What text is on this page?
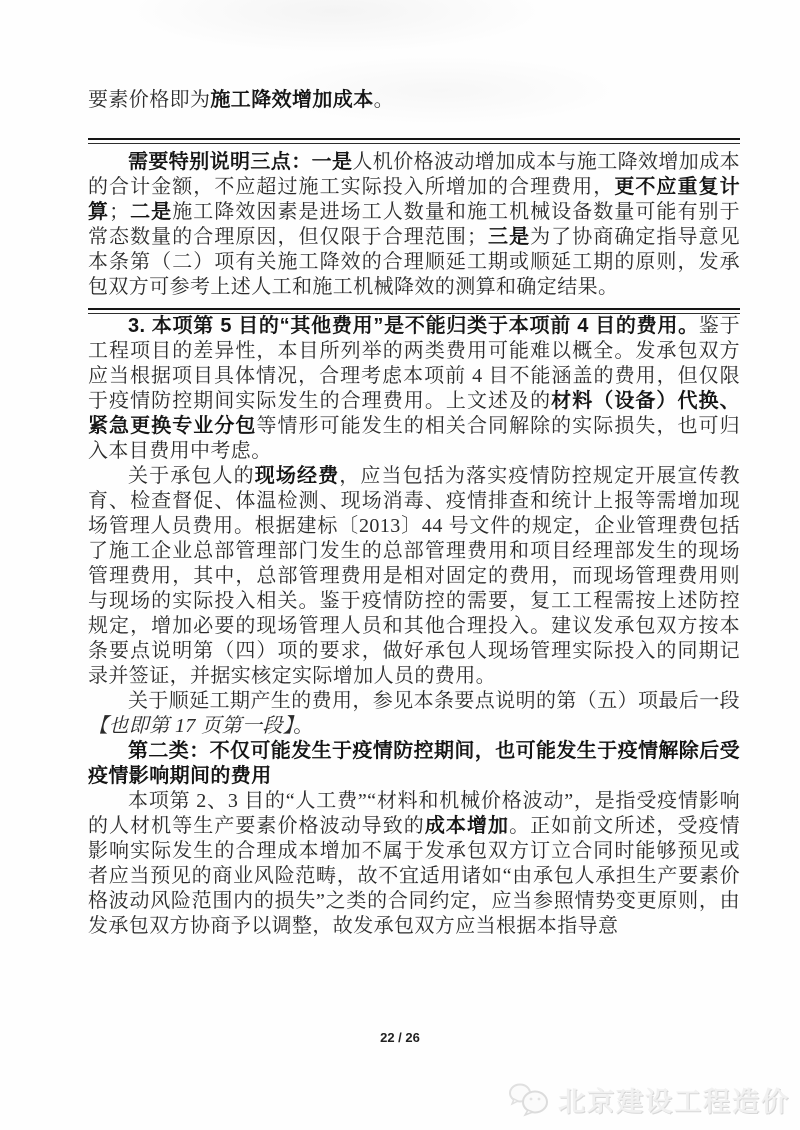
要素价格即为施工降效增加成本。

需要特别说明三点：一是人机价格波动增加成本与施工降效增加成本的合计金额，不应超过施工实际投入所增加的合理费用，更不应重复计算；二是施工降效因素是进场工人数量和施工机械设备数量可能有别于常态数量的合理原因，但仅限于合理范围；三是为了协商确定指导意见本条第（二）项有关施工降效的合理顺延工期或顺延工期的原则，发承包双方可参考上述人工和施工机械降效的测算和确定结果。

3. 本项第 5 目的“其他费用”是不能归类于本项前 4 目的费用。鉴于工程项目的差异性，本目所列举的两类费用可能难以概全。发承包双方应当根据项目具体情况，合理考虑本项前 4 目不能涵盖的费用，但仅限于疫情防控期间实际发生的合理费用。上文述及的材料（设备）代换、紧急更换专业分包等情形可能发生的相关合同解除的实际损失，也可归入本目费用中考虑。

关于承包人的现场经费，应当包括为落实疫情防控规定开展宣传教育、检查督促、体温检测、现场消毒、疫情排查和统计上报等需增加现场管理人员费用。根据建标〔2013〕44 号文件的规定，企业管理费包括了施工企业总部管理部门发生的总部管理费用和项目经理部发生的现场管理费用，其中，总部管理费用是相对固定的费用，而现场管理费用则与现场的实际投入相关。鉴于疫情防控的需要，复工工程需按上述防控规定，增加必要的现场管理人员和其他合理投入。建议发承包双方按本条要点说明第（四）项的要求，做好承包人现场管理实际投入的同期记录并签证，并据实核定实际增加人员的费用。

关于顺延工期产生的费用，参见本条要点说明的第（五）项最后一段【也即第 17 页第一段】。

第二类：不仅可能发生于疫情防控期间，也可能发生于疫情解除后受疫情影响期间的费用

本项第 2、3 目的“人工费”“材料和机械价格波动”，是指受疫情影响的人材机等生产要素价格波动导致的成本增加。正如前文所述，受疫情影响实际发生的合理成本增加不属于发承包双方订立合同时能够预见或者应当预见的商业风险范畴，故不宜适用诸如“由承包人承担生产要素价格波动风险范围内的损失”之类的合同约定，应当参照情势变更原则，由发承包双方协商予以调整，故发承包双方应当根据本指导意

22 / 26
北京建设工程造价
